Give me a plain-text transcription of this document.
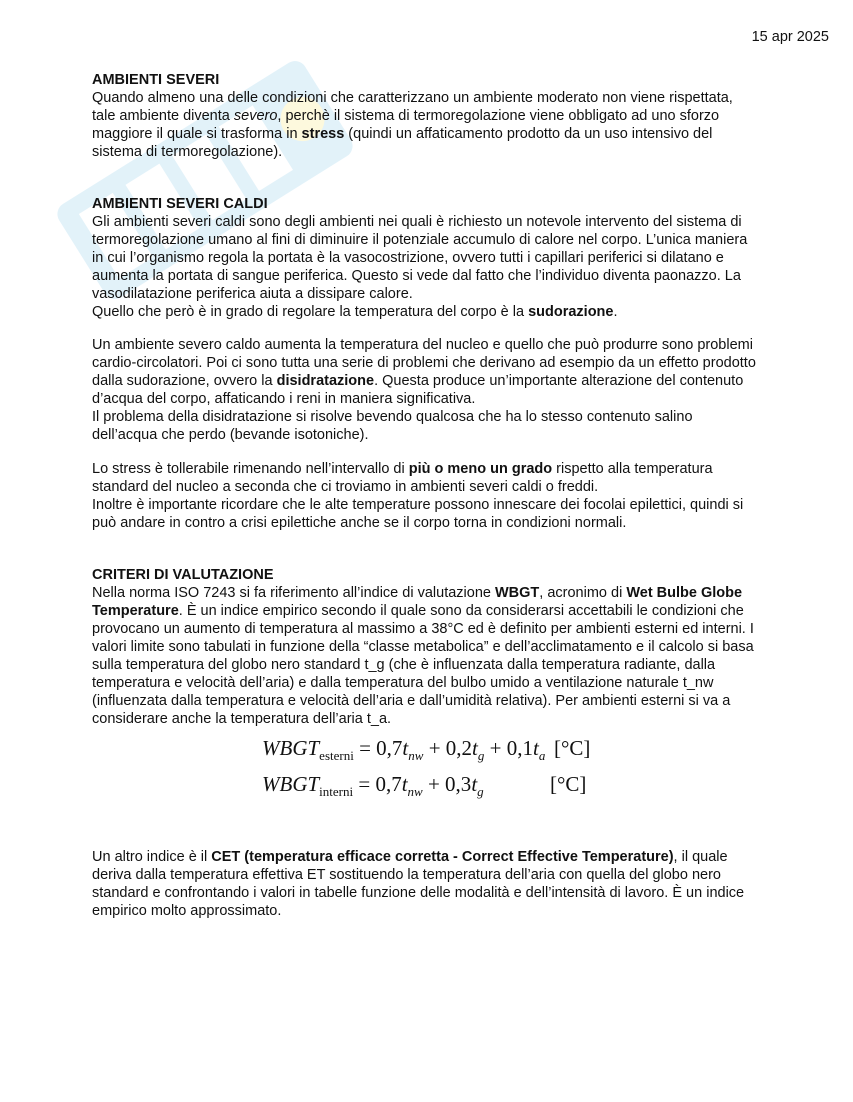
15 apr 2025

AMBIENTI SEVERI

Quando almeno una delle condizioni che caratterizzano un ambiente moderato non viene rispettata, tale ambiente diventa severo, perchè il sistema di termoregolazione viene obbligato ad uno sforzo maggiore il quale si trasforma in stress (quindi un affaticamento prodotto da un uso intensivo del sistema di termoregolazione).

AMBIENTI SEVERI CALDI

Gli ambienti severi caldi sono degli ambienti nei quali è richiesto un notevole intervento del sistema di termoregolazione umano al fini di diminuire il potenziale accumulo di calore nel corpo. L’unica maniera in cui l’organismo regola la portata è la vasocostrizione, ovvero tutti i capillari periferici si dilatano e aumenta la portata di sangue periferica. Questo si vede dal fatto che l’individuo diventa paonazzo. La vasodilatazione periferica aiuta a dissipare calore.

Quello che però è in grado di regolare la temperatura del corpo è la sudorazione.

Un ambiente severo caldo aumenta la temperatura del nucleo e quello che può produrre sono problemi cardio-circolatori. Poi ci sono tutta una serie di problemi che derivano ad esempio da un effetto prodotto dalla sudorazione, ovvero la disidratazione. Questa produce un’importante alterazione del contenuto d’acqua del corpo, affaticando i reni in maniera significativa.

Il problema della disidratazione si risolve bevendo qualcosa che ha lo stesso contenuto salino dell’acqua che perdo (bevande isotoniche).

Lo stress è tollerabile rimenando nell’intervallo di più o meno un grado rispetto alla temperatura standard del nucleo a seconda che ci troviamo in ambienti severi caldi o freddi.

Inoltre è importante ricordare che le alte temperature possono innescare dei focolai epilettici, quindi si può andare in contro a crisi epilettiche anche se il corpo torna in condizioni normali.

CRITERI DI VALUTAZIONE

Nella norma ISO 7243 si fa riferimento all’indice di valutazione WBGT, acronimo di Wet Bulbe Globe Temperature. È un indice empirico secondo il quale sono da considerarsi accettabili le condizioni che provocano un aumento di temperatura al massimo a 38°C ed è definito per ambienti esterni ed interni. I valori limite sono tabulati in funzione della “classe metabolica” e dell’acclimatamento e il calcolo si basa sulla temperatura del globo nero standard t_g (che è influenzata dalla temperatura radiante, dalla temperatura e velocità dell’aria) e dalla temperatura del bulbo umido a ventilazione naturale t_nw (influenzata dalla temperatura e velocità dell’aria e dall’umidità relativa). Per ambienti esterni si va a considerare anche la temperatura dell’aria t_a.

$WBGT_{esterni} = 0,7t_{nw} + 0,2t_g + 0,1t_a$ [°C]
$WBGT_{interni} = 0,7t_{nw} + 0,3t_g$	[°C]

Un altro indice è il CET (temperatura efficace corretta - Correct Effective Temperature), il quale deriva dalla temperatura effettiva ET sostituendo la temperatura dell’aria con quella del globo nero standard e confrontando i valori in tabelle funzione delle modalità e dell’intensità di lavoro. È un indice empirico molto approssimato.
